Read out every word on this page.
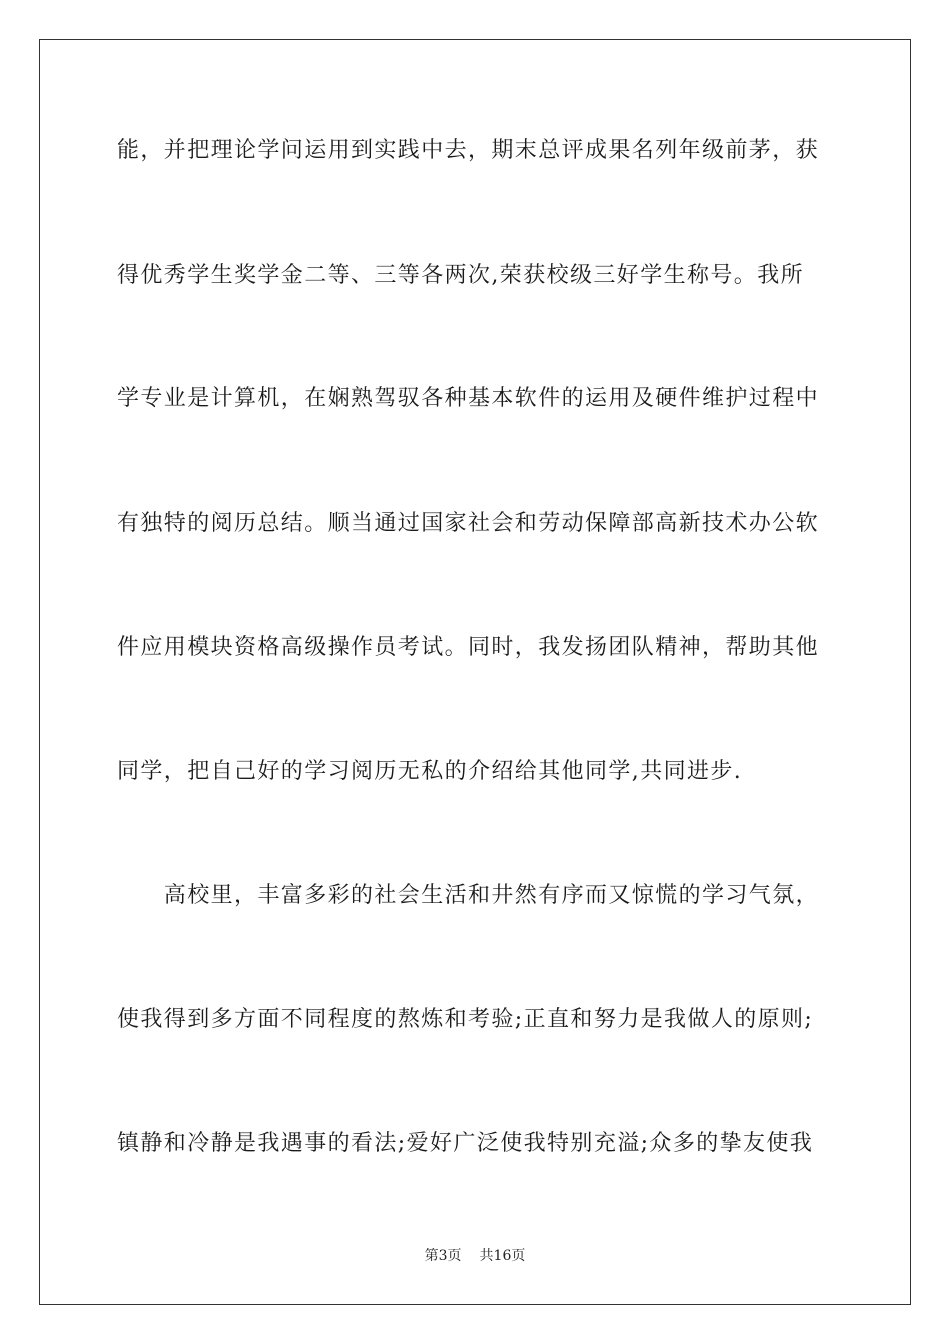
能，并把理论学问运用到实践中去，期末总评成果名列年级前茅，获
得优秀学生奖学金二等、三等各两次,荣获校级三好学生称号。我所
学专业是计算机，在娴熟驾驭各种基本软件的运用及硬件维护过程中
有独特的阅历总结。顺当通过国家社会和劳动保障部高新技术办公软
件应用模块资格高级操作员考试。同时，我发扬团队精神，帮助其他
同学，把自己好的学习阅历无私的介绍给其他同学,共同进步.
　　高校里，丰富多彩的社会生活和井然有序而又惊慌的学习气氛，
使我得到多方面不同程度的熬炼和考验;正直和努力是我做人的原则;
镇静和冷静是我遇事的看法;爱好广泛使我特别充溢;众多的挚友使我
第3页 共16页
